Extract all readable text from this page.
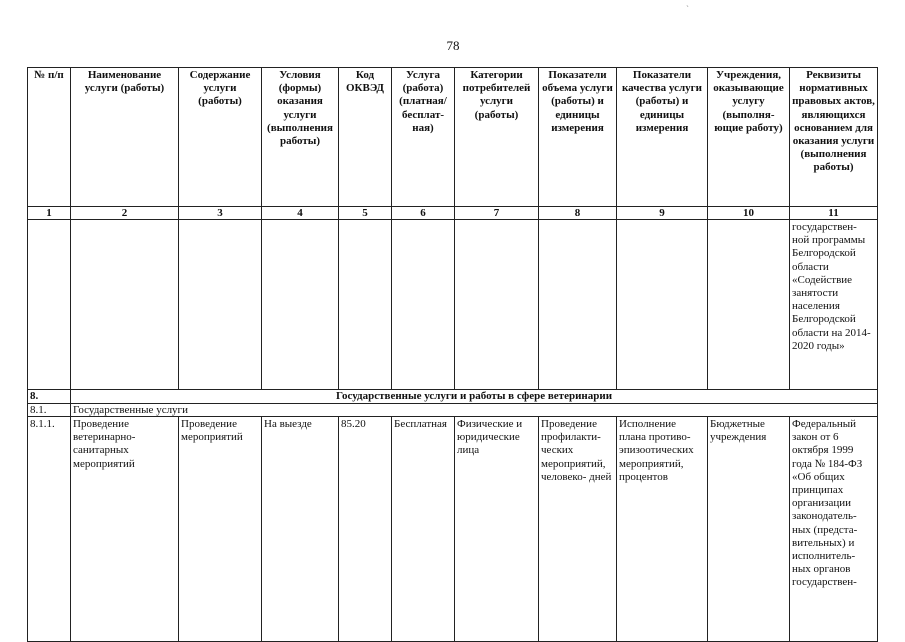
`
78
№ п/п	Наименование услуги (работы)	Содержание услуги (работы)	Условия (формы) оказания услуги (выполнения работы)	Код ОКВЭД	Услуга (работа) (платная/ бесплат- ная)	Категории потребителей услуги (работы)	Показатели объема услуги (работы) и единицы измерения	Показатели качества услуги (работы) и единицы измерения	Учреждения, оказывающие услугу (выполня- ющие работу)	Реквизиты нормативных правовых актов, являющихся основанием для оказания услуги (выполнения работы)
1	2	3	4	5	6	7	8	9	10	11
										государствен- ной программы Белгородской области «Содействие занятости населения Белгородской области на 2014-2020 годы»
8.	Государственные услуги и работы в сфере ветеринарии									
8.1.	Государственные услуги									
8.1.1.	Проведение ветеринарно- санитарных мероприятий	Проведение мероприятий	На выезде	85.20	Бесплатная	Физические и юридические лица	Проведение профилакти- ческих мероприятий, человеко- дней	Исполнение плана противо- эпизоотических мероприятий, процентов	Бюджетные учреждения	Федеральный закон от 6 октября 1999 года № 184-ФЗ «Об общих принципах организации законодатель- ных (предста- вительных) и исполнитель- ных органов государствен-
